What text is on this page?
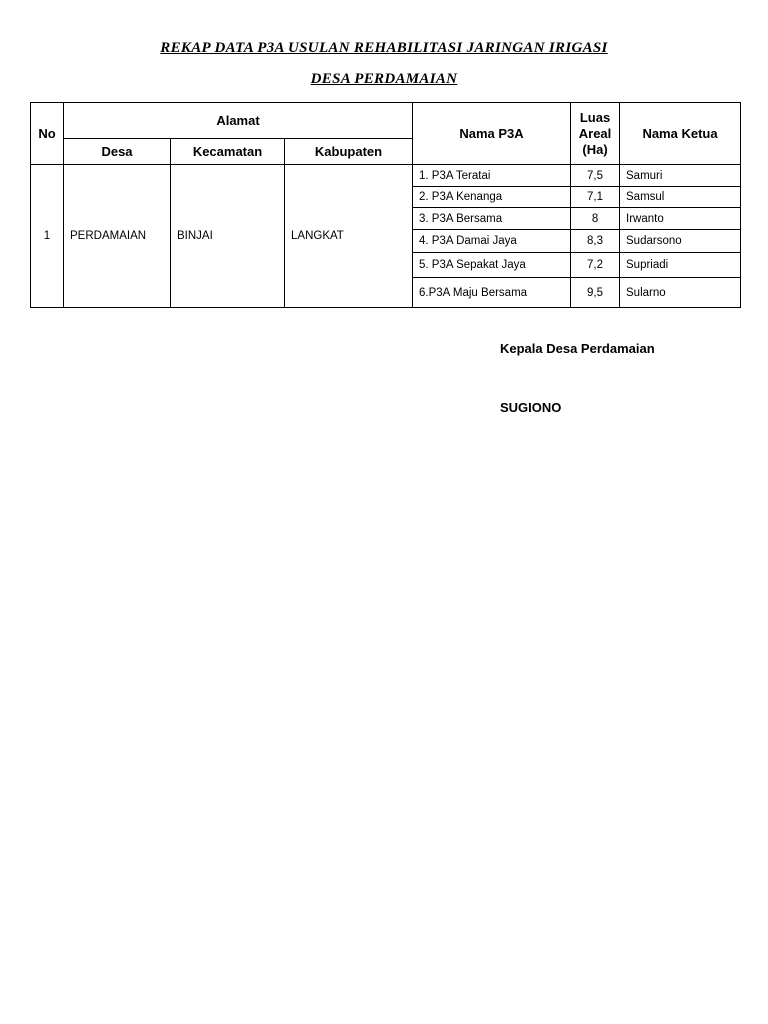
REKAP DATA P3A USULAN REHABILITASI JARINGAN IRIGASI
DESA PERDAMAIAN
No	Alamat			Nama P3A	Luas Areal (Ha)	Nama Ketua
	Desa	Kecamatan	Kabupaten			
1	PERDAMAIAN	BINJAI	LANGKAT	1. P3A Teratai	7,5	Samuri
				2. P3A Kenanga	7,1	Samsul
				3. P3A Bersama	8	Irwanto
				4. P3A Damai Jaya	8,3	Sudarsono
				5. P3A Sepakat Jaya	7,2	Supriadi
				6.P3A Maju Bersama	9,5	Sularno
Kepala Desa Perdamaian
SUGIONO
